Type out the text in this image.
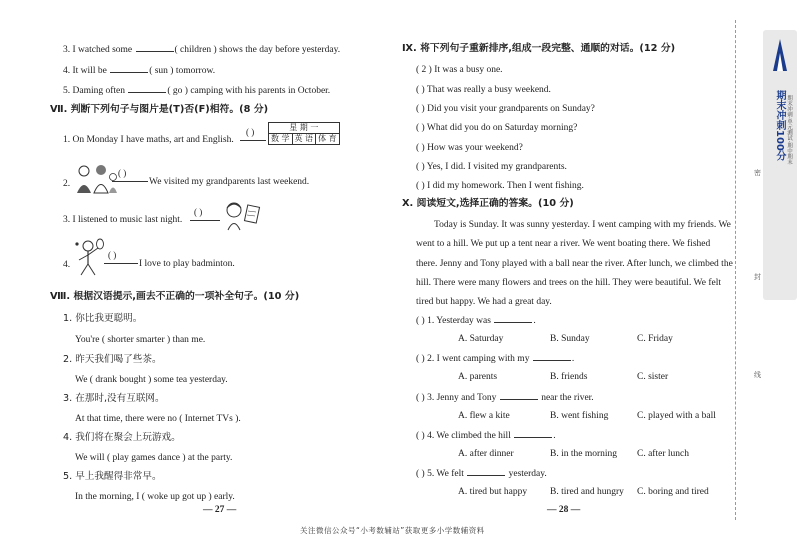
3. I watched some	( children ) shows the day before yesterday.
4. It will be	( sun ) tomorrow.
5. Daming often	( go ) camping with his parents in October.
Ⅶ. 判断下列句子与图片是(T)否(F)相符。(8 分)
1. On Monday I have maths, art and English.
( )	星 期 一
数 学	英 语	体 育
2.
( )
We visited my grandparents last weekend.
3. I listened to music last night.
( )
4.
( )
I love to play badminton.
Ⅷ. 根据汉语提示,画去不正确的一项补全句子。(10 分)
1. 你比我更聪明。
You're ( shorter smarter ) than me.
2. 昨天我们喝了些茶。
We ( drank bought ) some tea yesterday.
3. 在那时,没有互联网。
At that time, there were no ( Internet TVs ).
4. 我们将在聚会上玩游戏。
We will ( play games dance ) at the party.
5. 早上我醒得非常早。
In the morning, I ( woke up got up ) early.
— 27 —
Ⅸ. 将下列句子重新排序,组成一段完整、通顺的对话。(12 分)
( 2 ) It was a busy one.
( ) That was really a busy weekend.
( ) Did you visit your grandparents on Sunday?
( ) What did you do on Saturday morning?
( ) How was your weekend?
( ) Yes, I did. I visited my grandparents.
( ) I did my homework. Then I went fishing.
Ⅹ. 阅读短文,选择正确的答案。(10 分)
Today is Sunday. It was sunny yesterday. I went camping with my friends. We
went to a hill. We put up a tent near a river. We went boating there. We fished
there. Jenny and Tony played with a ball near the river. After lunch, we climbed the
hill. There were many flowers and trees on the hill. They were beautiful. We felt
tired but happy. We had a great day.
( ) 1. Yesterday was	.
A. Saturday	B. Sunday	C. Friday
( ) 2. I went camping with my	.
A. parents	B. friends	C. sister
( ) 3. Jenny and Tony	near the river.
A. flew a kite	B. went fishing	C. played with a ball
( ) 4. We climbed the hill	.
A. after dinner	B. in the morning C. after lunch
( ) 5. We felt	yesterday.
A. tired but happy B. tired and hungry C. boring and tired
— 28 —
关注微信公众号“小考数辅站”获取更多小学数辅资料
期末冲刺100分 期末冲刺·单元测试·期中期末
密
封
线
